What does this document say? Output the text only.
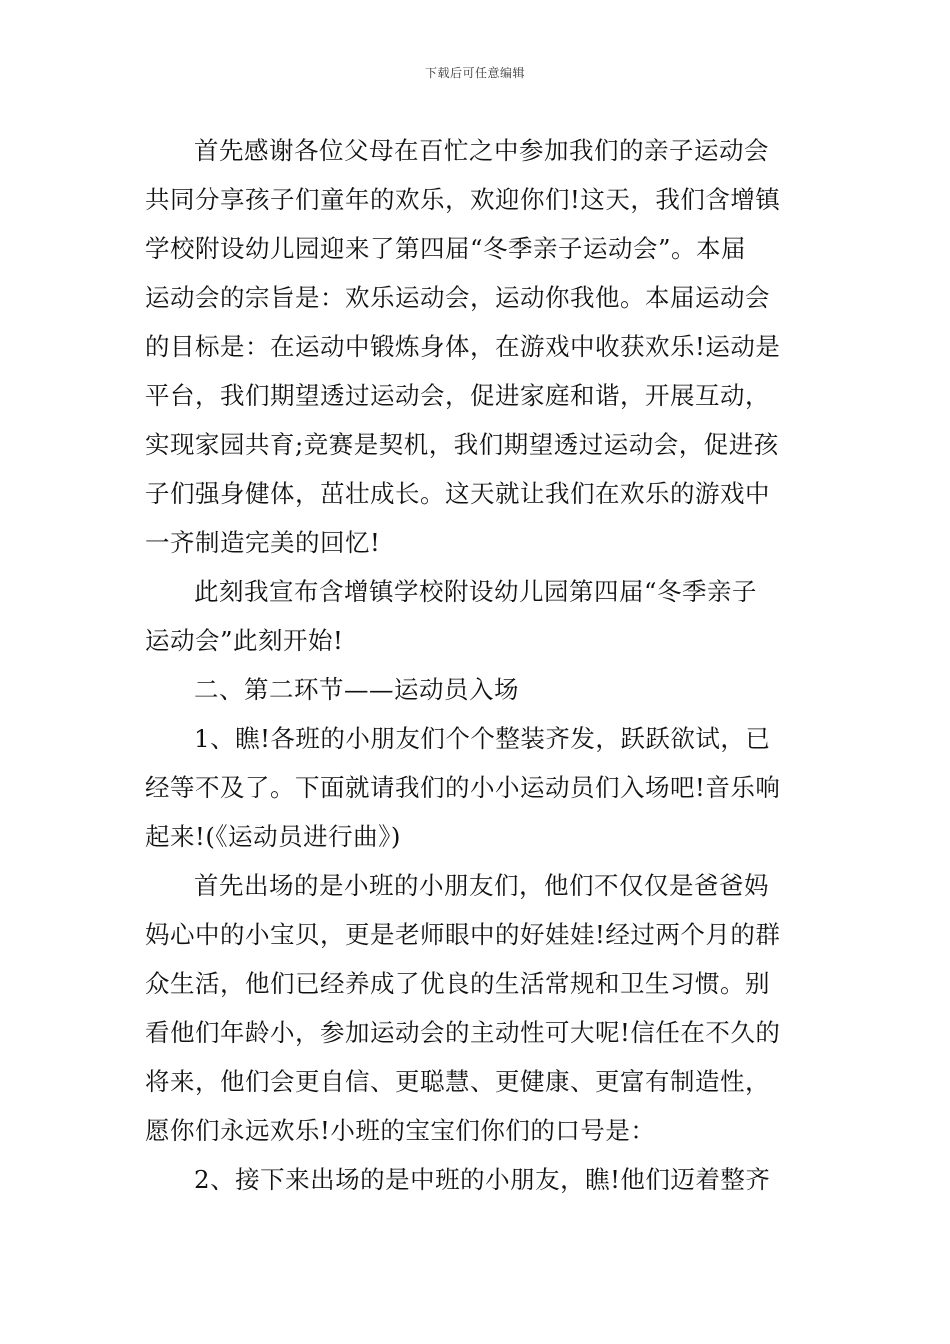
下载后可任意编辑
首先感谢各位父母在百忙之中参加我们的亲子运动会
共同分享孩子们童年的欢乐，欢迎你们!这天，我们含增镇
学校附设幼儿园迎来了第四届“冬季亲子运动会”。本届
运动会的宗旨是：欢乐运动会，运动你我他。本届运动会
的目标是：在运动中锻炼身体，在游戏中收获欢乐!运动是
平台，我们期望透过运动会，促进家庭和谐，开展互动，
实现家园共育;竞赛是契机，我们期望透过运动会，促进孩
子们强身健体，茁壮成长。这天就让我们在欢乐的游戏中
一齐制造完美的回忆!
此刻我宣布含增镇学校附设幼儿园第四届“冬季亲子
运动会”此刻开始!
二、第二环节——运动员入场
1、瞧!各班的小朋友们个个整装齐发，跃跃欲试，已
经等不及了。下面就请我们的小小运动员们入场吧!音乐响
起来!(《运动员进行曲》)
首先出场的是小班的小朋友们，他们不仅仅是爸爸妈
妈心中的小宝贝，更是老师眼中的好娃娃!经过两个月的群
众生活，他们已经养成了优良的生活常规和卫生习惯。别
看他们年龄小，参加运动会的主动性可大呢!信任在不久的
将来，他们会更自信、更聪慧、更健康、更富有制造性，
愿你们永远欢乐!小班的宝宝们你们的口号是：
2、接下来出场的是中班的小朋友，瞧!他们迈着整齐
